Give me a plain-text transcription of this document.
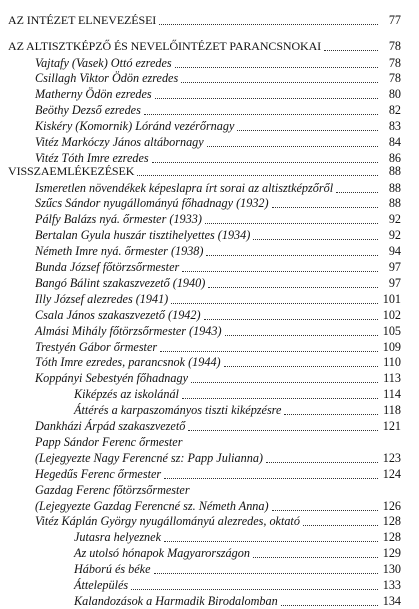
AZ INTÉZET ELNEVEZÉSEI	77
AZ ALTISZTKÉPZŐ ÉS NEVELŐINTÉZET PARANCSNOKAI	78
Vajtafy (Vasek) Ottó ezredes	78
Csillagh Viktor Ödön ezredes	78
Matherny Ödön ezredes	80
Beöthy Dezső ezredes	82
Kiskéry (Komornik) Lóránd vezérőrnagy	83
Vitéz Markóczy János altábornagy	84
Vitéz Tóth Imre ezredes	86
VISSZAEMLÉKEZÉSEK	88
Ismeretlen növendékek képeslapra írt sorai az altisztképzőről	88
Szűcs Sándor nyugállományú főhadnagy (1932)	88
Pálfy Balázs nyá. őrmester (1933)	92
Bertalan Gyula huszár tisztihelyettes (1934)	92
Németh Imre nyá. őrmester (1938)	94
Bunda József főtörzsőrmester	97
Bangó Bálint szakaszvezető (1940)	97
Illy József alezredes (1941)	101
Csala János szakaszvezető (1942)	102
Almási Mihály főtörzsőrmester (1943)	105
Trestyén Gábor őrmester	109
Tóth Imre ezredes, parancsnok (1944)	110
Koppányi Sebestyén főhadnagy	113
Kiképzés az iskolánál	114
Áttérés a karpaszományos tiszti kiképzésre	118
Dankházi Árpád szakaszvezető	121
Papp Sándor Ferenc őrmester
(Lejegyezte Nagy Ferencné sz: Papp Julianna)	123
Hegedűs Ferenc őrmester	124
Gazdag Ferenc főtörzsőrmester
(Lejegyezte Gazdag Ferencné sz. Németh Anna)	126
Vitéz Káplán György nyugállományú alezredes, oktató	128
Jutasra helyeznek	128
Az utolsó hónapok Magyarországon	129
Háború és béke	130
Áttelepülés	133
Kalandozások a Harmadik Birodalomban	134
